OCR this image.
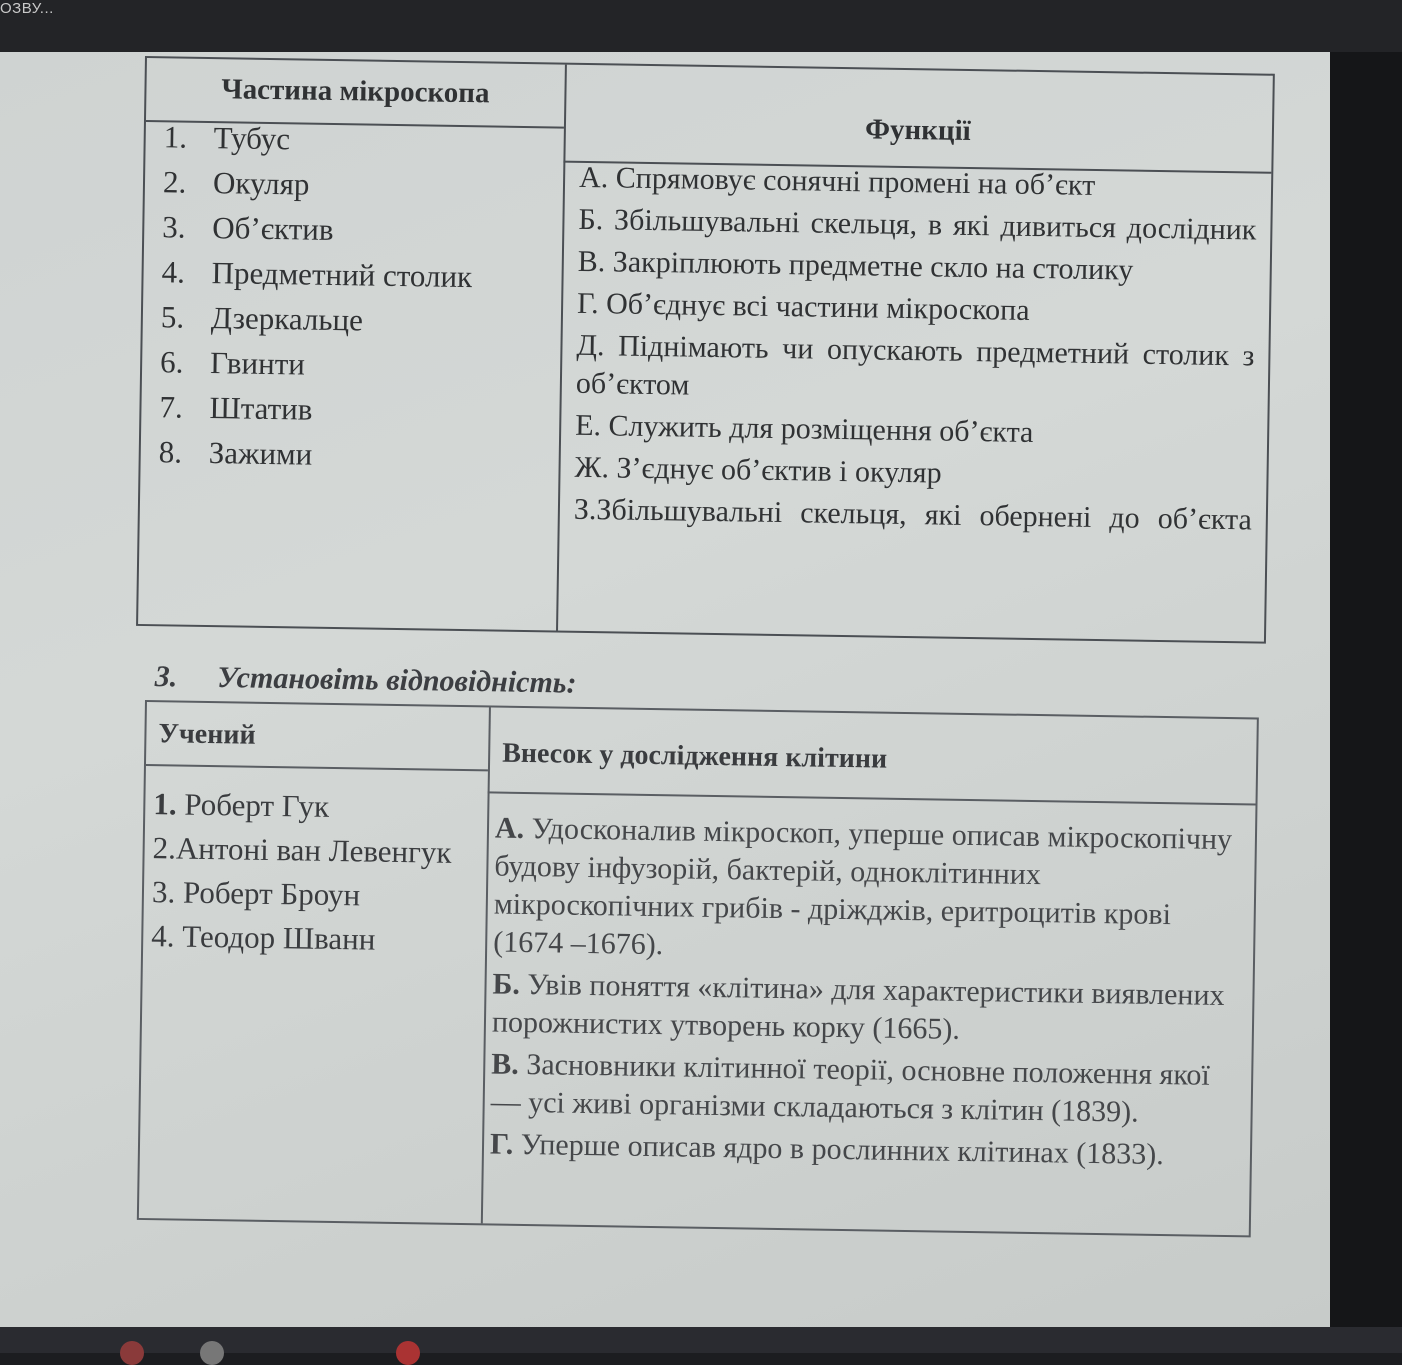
ОЗВУ...
Частина мікроскопа
Функції
1. Тубус
2. Окуляр
3. Об’єктив
4. Предметний столик
5. Дзеркальце
6. Гвинти
7. Штатив
8. Зажими

А. Спрямовує сонячні промені на об’єкт

Б. Збільшувальні скельця, в які дивиться дослідник

В. Закріплюють предметне скло на столику

Г. Об’єднує всі частини мікроскопа

Д. Піднімають чи опускають предметний столик з об’єктом

Е. Служить для розміщення об’єкта

Ж. З’єднує об’єктив і окуляр

З.Збільшувальні скельця, які обернені до об’єкта

3. Установіть відповідність:
Учений
Внесок у дослідження клітини
1. Роберт Гук
2.Антоні ван Левенгук
3. Роберт Броун
4. Теодор Шванн

А. Удосконалив мікроскоп, уперше описав мікроскопічну будову інфузорій, бактерій, одноклітинних мікроскопічних грибів - дріжджів, еритроцитів крові (1674 –1676).

Б. Увів поняття «клітина» для характеристики виявлених порожнистих утворень корку (1665).

В. Засновники клітинної теорії, основне положення якої — усі живі організми складаються з клітин (1839).

Г. Уперше описав ядро в рослинних клітинах (1833).
